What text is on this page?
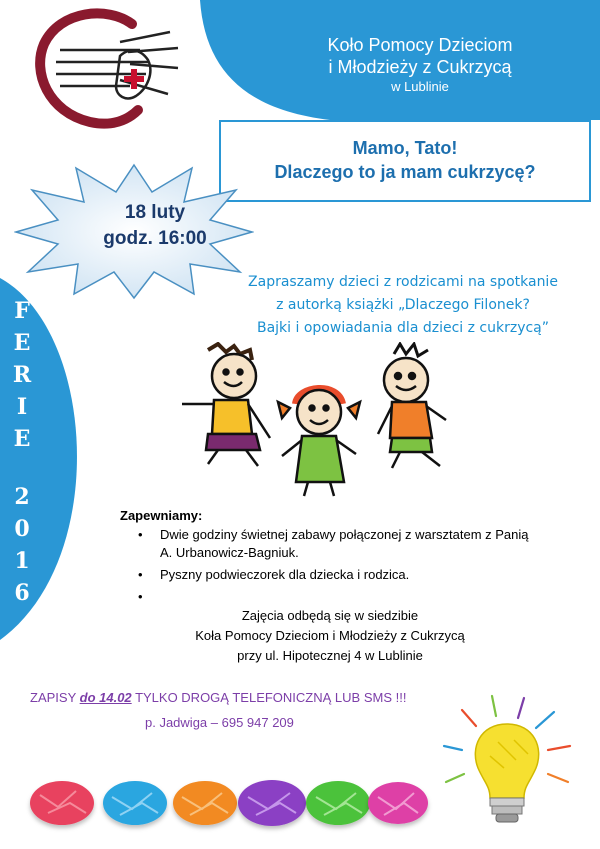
Koło Pomocy Dzieciom
i Młodzieży z Cukrzycą
w Lublinie
Mamo, Tato!
Dlaczego to ja mam cukrzycę?
18 luty
godz. 16:00
Zapraszamy dzieci z rodzicami na spotkanie
z autorką książki „Dlaczego Filonek?
Bajki i opowiadania dla dzieci z cukrzycą”
F
E
R
I
E
2
0
1
6
Zapewniamy:
• Dwie godziny świetnej zabawy połączonej z warsztatem z Panią A. Urbanowicz-Bagniuk.
• Pyszny podwieczorek dla dziecka i rodzica.
•
Zajęcia odbędą się w siedzibie
Koła Pomocy Dzieciom i Młodzieży z Cukrzycą
przy ul. Hipotecznej 4 w Lublinie
ZAPISY do 14.02 TYLKO DROGĄ TELEFONICZNĄ LUB SMS !!!
p. Jadwiga – 695 947 209
